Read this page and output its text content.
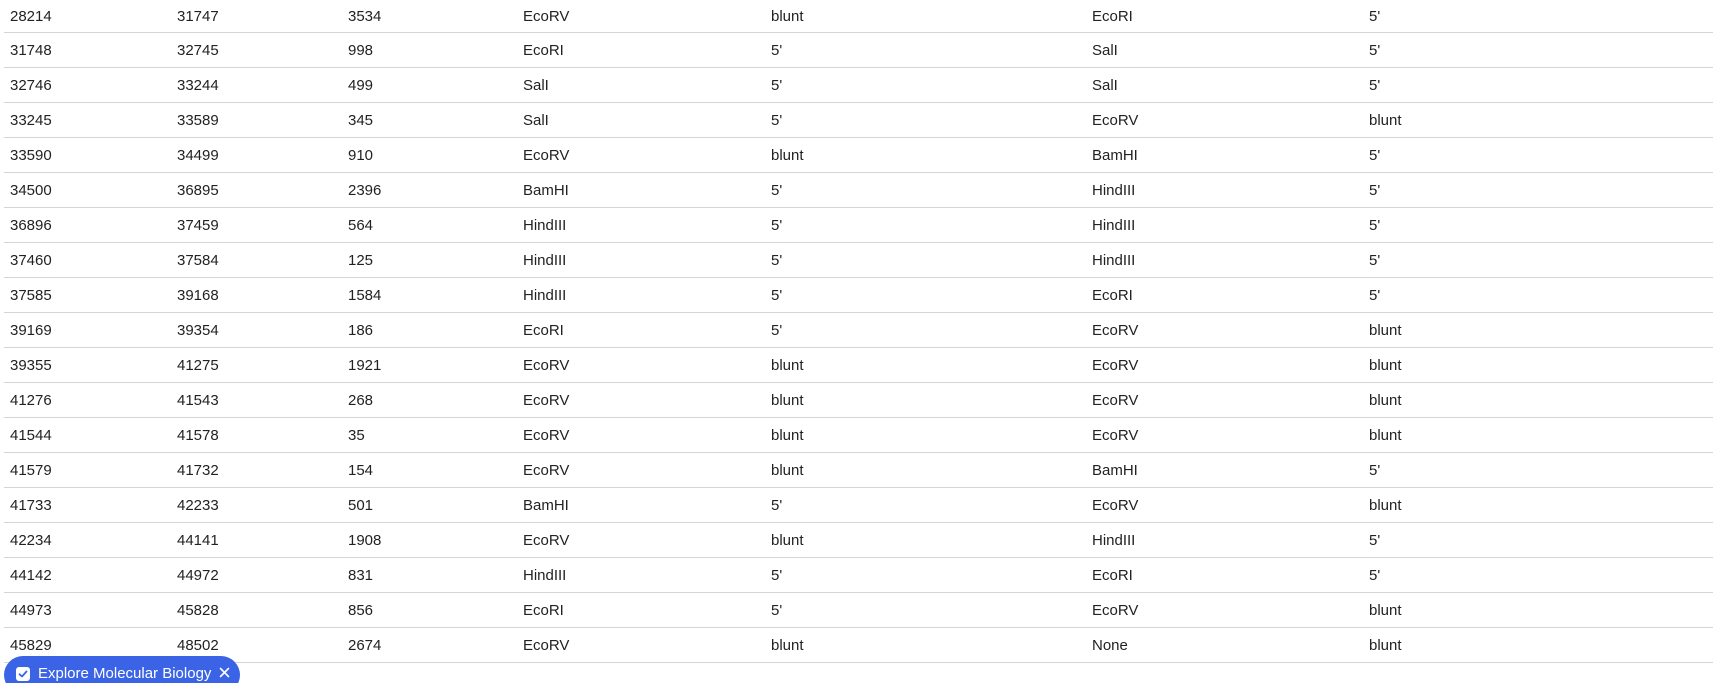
28214	31747	3534	EcoRV	blunt	EcoRI	5'
31748	32745	998	EcoRI	5'	SalI	5'
32746	33244	499	SalI	5'	SalI	5'
33245	33589	345	SalI	5'	EcoRV	blunt
33590	34499	910	EcoRV	blunt	BamHI	5'
34500	36895	2396	BamHI	5'	HindIII	5'
36896	37459	564	HindIII	5'	HindIII	5'
37460	37584	125	HindIII	5'	HindIII	5'
37585	39168	1584	HindIII	5'	EcoRI	5'
39169	39354	186	EcoRI	5'	EcoRV	blunt
39355	41275	1921	EcoRV	blunt	EcoRV	blunt
41276	41543	268	EcoRV	blunt	EcoRV	blunt
41544	41578	35	EcoRV	blunt	EcoRV	blunt
41579	41732	154	EcoRV	blunt	BamHI	5'
41733	42233	501	BamHI	5'	EcoRV	blunt
42234	44141	1908	EcoRV	blunt	HindIII	5'
44142	44972	831	HindIII	5'	EcoRI	5'
44973	45828	856	EcoRI	5'	EcoRV	blunt
45829	48502	2674	EcoRV	blunt	None	blunt
Explore Molecular Biology
